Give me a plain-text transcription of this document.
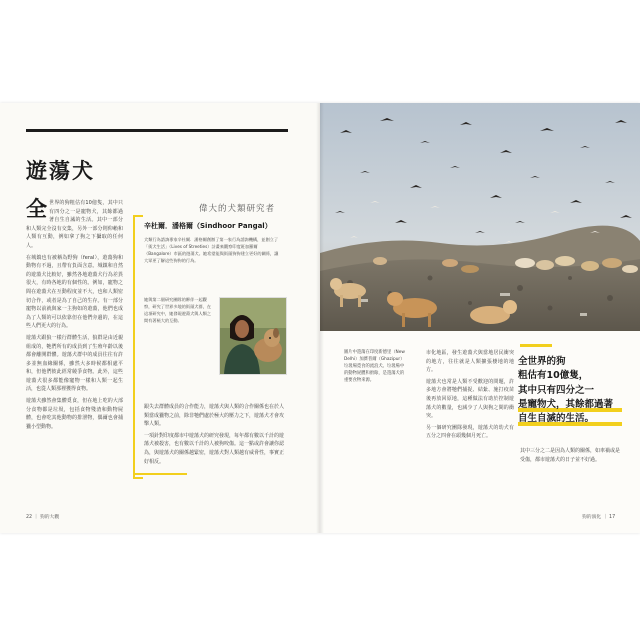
遊蕩犬

全世界的狗粗估有10億隻，其中只有四分之一是寵物犬，其餘都過著自生自滅的生活。其中一部分和人類完全沒有交集，另外一部分則仰賴和人類有互動，例如拿了狗之下攝取的任何人。

在城鎮也有被稱為野狗（feral），遊蕩狗和動物有不過，且帶有負面含意。城鎮和自然的遊蕩犬比較好，雖然各地遊蕩犬行為差異很大，有時各地的有個性的。例如，寵物之間在遊蕩犬在互動程度並不大，也和人類密切合作，或者是為了自己的生存。有一部分寵物以前就與家一主狗如的遊蕩，他們也成為了人類的可以依靠但在他們旁邊的，在這些人們更大的行為。

遊蕩犬跟狼一樣行群體生活，狼群是由近親組成的，牠們所有的成員到了生殖年齡以後都會離開群體。遊蕩犬群中的成員往往有許多並無血緣關係，雖然大多時候都相處平和，但他們彼此經常競爭食物。此外，這些遊蕩犬很多都能像寵物一樣和人類一起生活，也從人類那裡獲得食物。

遊蕩犬雖然會集體覓食，但在地上吃的大部分食物都是垃圾，包括食物殘渣和動物屍體，也會吃其他動物的排泄物，偶爾也會捕獵小型動物。

偉大的犬類研究者
辛杜爾．潘格爾（Sindhoor Pangal）

犬類行為諮詢專家辛杜爾．潘格爾創辦了第一家行為諮詢機構，並創立了「街犬生活」（Lives of Streeties）計畫來觀察印度班加羅爾（Bangalore）市區的遊蕩犬。她希望能與街頭狗狗建立更好的關係，讓大眾更了解這些狗狗的行為。

她與第二個研究團隊的夥伴一起觀察，研究了世界多地的街頭犬群，在這項研究中，她發現遊蕩犬與人類之間有著極大的互動。

跟失去群體成員的合作能力，遊蕩犬與人類的合作關係也在於人類當成獵物之前，除非牠們處於極大的壓力之下，遊蕩犬才會攻擊人類。

一項針對印度都市中遊蕩犬的研究發現，每年都有數以千計的遊蕩犬被殺害，也有數以千計的人被狗咬傷。這一點或許會讓你認為，與遊蕩犬的關係越緊密，遊蕩犬對人類越有威脅性，事實正好相反。

22 ｜ 狗的大觀

市化地區，發生遊蕩犬與當地居民衝突的地方，往往就是人類擴張棲地的地方。

遊蕩犬也常是人類不受歡迎的問題，許多地方會將牠們捕捉、結紮、施打疫苗後再放回原地，這種做法有助於控制遊蕩犬的數量，也減少了人與狗之間的衝突。

另一個研究團隊發現，遊蕩犬的幼犬有五分之四會在頭幾個月死亡。

其中三分之二是因為人類的關係，如車禍或是受傷，都市遊蕩犬的日子並不好過。

狗的演化 ｜ 17

圖片中遊蕩在印度新德里（New Delhi）加濟普爾（Ghazipur）垃圾場覓食的流浪犬。垃圾場中的動物屍體和廚餘，是遊蕩犬的重要食物來源。

全世界的狗
粗估有10億隻，
其中只有四分之一
是寵物犬，其餘都過著
自生自滅的生活。
